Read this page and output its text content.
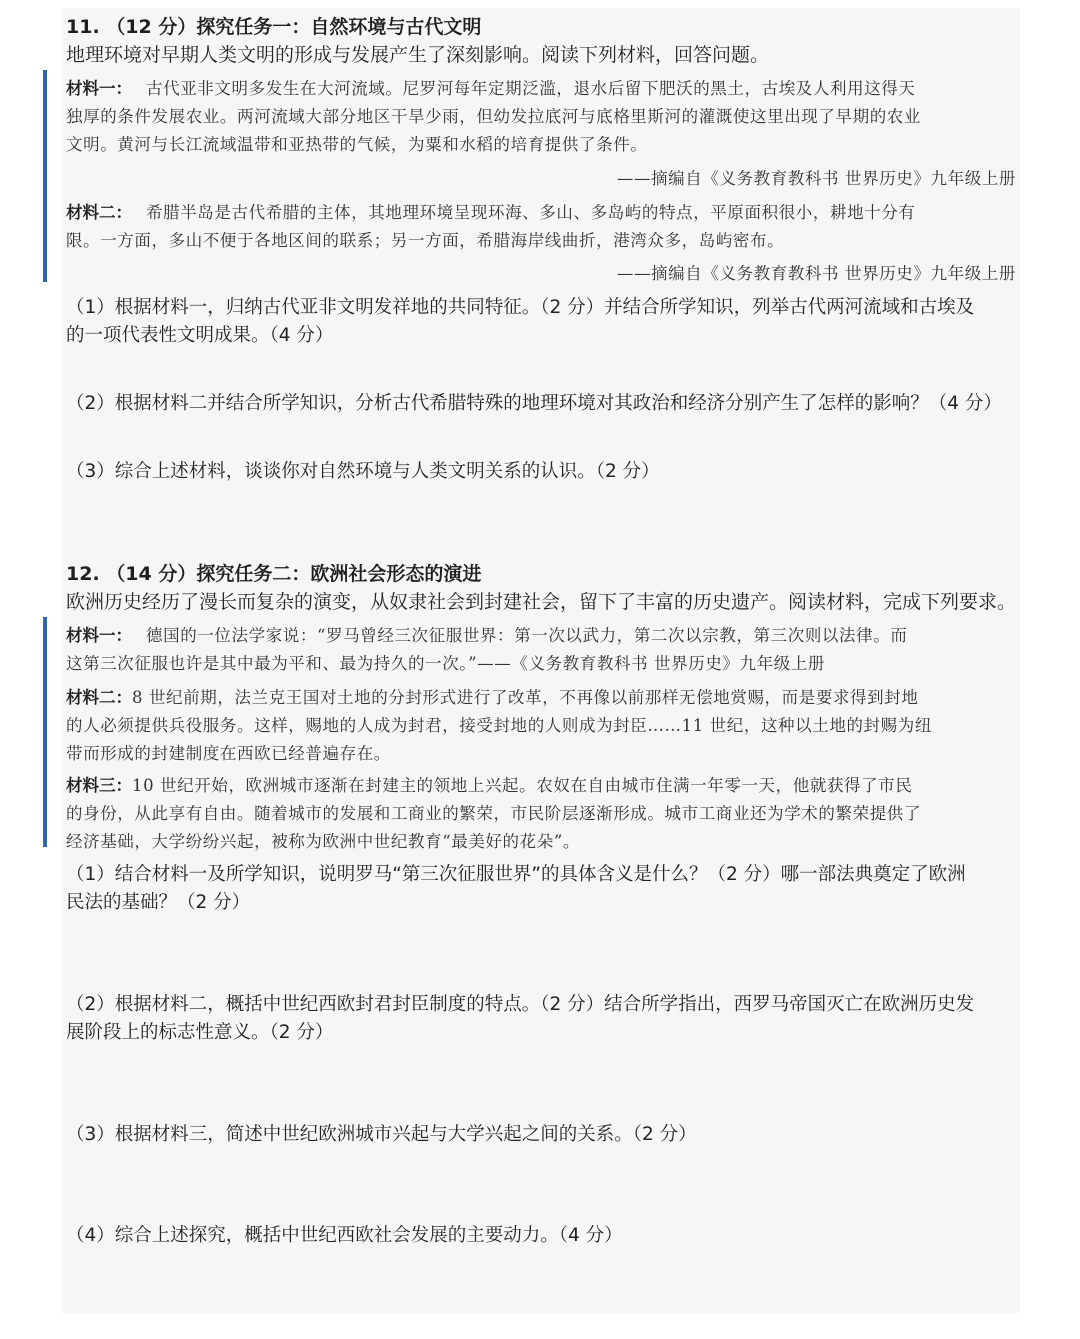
11. （12 分）探究任务一：自然环境与古代文明
地理环境对早期人类文明的形成与发展产生了深刻影响。阅读下列材料，回答问题。
材料一： 古代亚非文明多发生在大河流域。尼罗河每年定期泛滥，退水后留下肥沃的黑土，古埃及人利用这得天
独厚的条件发展农业。两河流域大部分地区干旱少雨，但幼发拉底河与底格里斯河的灌溉使这里出现了早期的农业
文明。黄河与长江流域温带和亚热带的气候，为粟和水稻的培育提供了条件。
——摘编自《义务教育教科书 世界历史》九年级上册
材料二： 希腊半岛是古代希腊的主体，其地理环境呈现环海、多山、多岛屿的特点，平原面积很小，耕地十分有
限。一方面，多山不便于各地区间的联系；另一方面，希腊海岸线曲折，港湾众多，岛屿密布。
——摘编自《义务教育教科书 世界历史》九年级上册
（1）根据材料一，归纳古代亚非文明发祥地的共同特征。（2 分）并结合所学知识，列举古代两河流域和古埃及
的一项代表性文明成果。（4 分）
（2）根据材料二并结合所学知识，分析古代希腊特殊的地理环境对其政治和经济分别产生了怎样的影响？（4 分）
（3）综合上述材料，谈谈你对自然环境与人类文明关系的认识。（2 分）
12. （14 分）探究任务二：欧洲社会形态的演进
欧洲历史经历了漫长而复杂的演变，从奴隶社会到封建社会，留下了丰富的历史遗产。阅读材料，完成下列要求。
材料一： 德国的一位法学家说：“罗马曾经三次征服世界：第一次以武力，第二次以宗教，第三次则以法律。而
这第三次征服也许是其中最为平和、最为持久的一次。”——《义务教育教科书 世界历史》九年级上册
材料二：8 世纪前期，法兰克王国对土地的分封形式进行了改革，不再像以前那样无偿地赏赐，而是要求得到封地
的人必须提供兵役服务。这样，赐地的人成为封君，接受封地的人则成为封臣……11 世纪，这种以土地的封赐为纽
带而形成的封建制度在西欧已经普遍存在。
材料三：10 世纪开始，欧洲城市逐渐在封建主的领地上兴起。农奴在自由城市住满一年零一天，他就获得了市民
的身份，从此享有自由。随着城市的发展和工商业的繁荣，市民阶层逐渐形成。城市工商业还为学术的繁荣提供了
经济基础，大学纷纷兴起，被称为欧洲中世纪教育“最美好的花朵”。
（1）结合材料一及所学知识，说明罗马“第三次征服世界”的具体含义是什么？（2 分）哪一部法典奠定了欧洲
民法的基础？（2 分）
（2）根据材料二，概括中世纪西欧封君封臣制度的特点。（2 分）结合所学指出，西罗马帝国灭亡在欧洲历史发
展阶段上的标志性意义。（2 分）
（3）根据材料三，简述中世纪欧洲城市兴起与大学兴起之间的关系。（2 分）
（4）综合上述探究，概括中世纪西欧社会发展的主要动力。（4 分）
